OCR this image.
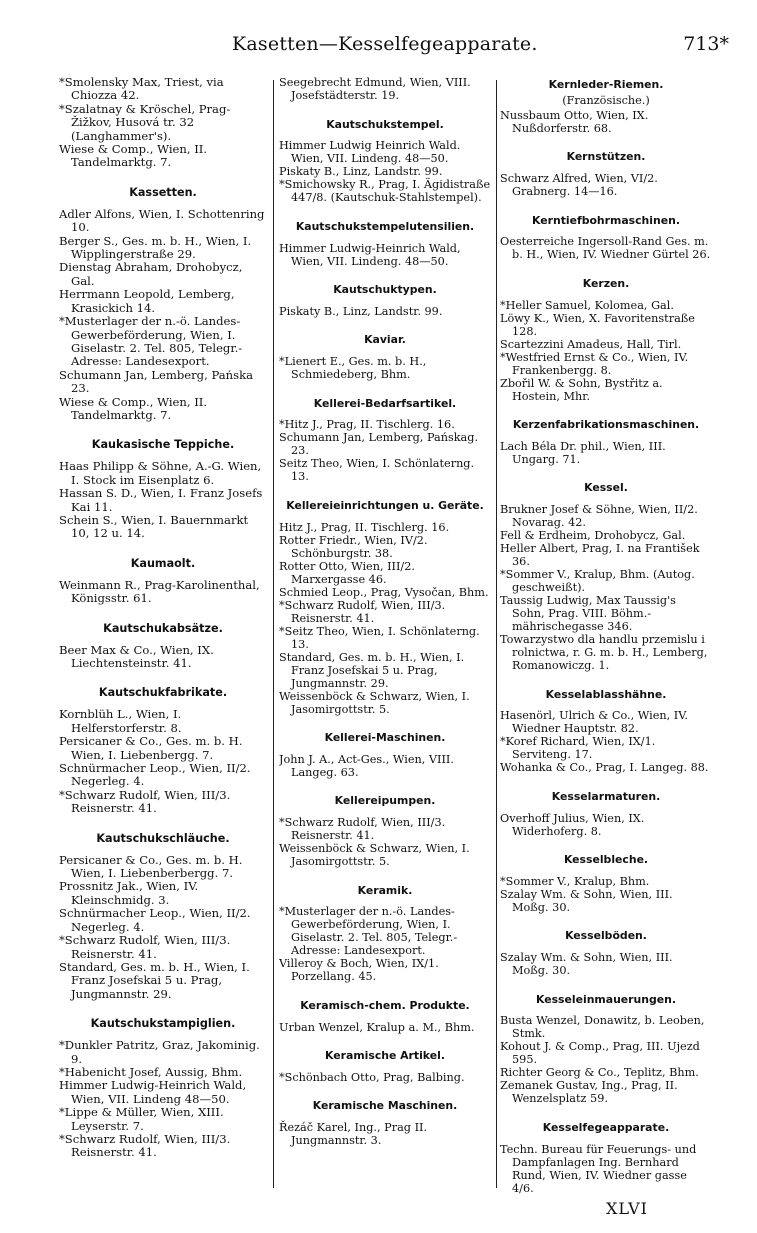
Kasetten—Kesselfegeapparate.	713*

*Smolensky Max, Triest, via Chiozza 42.

*Szalatnay & Kröschel, Prag-Žižkov, Husová tr. 32 (Langhammer's).

Wiese & Comp., Wien, II. Tandelmarktg. 7.

Kassetten.

Adler Alfons, Wien, I. Schottenring 10.

Berger S., Ges. m. b. H., Wien, I. Wipplingerstraße 29.

Dienstag Abraham, Drohobycz, Gal.

Herrmann Leopold, Lemberg, Krasickich 14.

*Musterlager der n.-ö. Landes-Gewerbeförderung, Wien, I. Giselastr. 2. Tel. 805, Telegr.-Adresse: Landesexport.

Schumann Jan, Lemberg, Pańska 23.

Wiese & Comp., Wien, II. Tandelmarktg. 7.

Kaukasische Teppiche.

Haas Philipp & Söhne, A.-G. Wien, I. Stock im Eisenplatz 6.

Hassan S. D., Wien, I. Franz Josefs Kai 11.

Schein S., Wien, I. Bauernmarkt 10, 12 u. 14.

Kaumaolt.

Weinmann R., Prag-Karolinenthal, Königsstr. 61.

Kautschukabsätze.

Beer Max & Co., Wien, IX. Liechtensteinstr. 41.

Kautschukfabrikate.

Kornblüh L., Wien, I. Helferstorferstr. 8.

Persicaner & Co., Ges. m. b. H. Wien, I. Liebenbergg. 7.

Schnürmacher Leop., Wien, II/2. Negerleg. 4.

*Schwarz Rudolf, Wien, III/3. Reisnerstr. 41.

Kautschukschläuche.

Persicaner & Co., Ges. m. b. H. Wien, I. Liebenberbergg. 7.

Prossnitz Jak., Wien, IV. Kleinschmidg. 3.

Schnürmacher Leop., Wien, II/2. Negerleg. 4.

*Schwarz Rudolf, Wien, III/3. Reisnerstr. 41.

Standard, Ges. m. b. H., Wien, I. Franz Josefskai 5 u. Prag, Jungmannstr. 29.

Kautschukstampiglien.

*Dunkler Patritz, Graz, Jakominig. 9.

*Habenicht Josef, Aussig, Bhm.

Himmer Ludwig-Heinrich Wald, Wien, VII. Lindeng 48—50.

*Lippe & Müller, Wien, XIII. Leyserstr. 7.

*Schwarz Rudolf, Wien, III/3. Reisnerstr. 41.

Seegebrecht Edmund, Wien, VIII. Josefstädterstr. 19.

Kautschukstempel.

Himmer Ludwig Heinrich Wald. Wien, VII. Lindeng. 48—50.

Piskaty B., Linz, Landstr. 99.

*Smichowsky R., Prag, I. Ägidistraße 447/8. (Kautschuk-Stahlstempel).

Kautschukstempelutensilien.

Himmer Ludwig-Heinrich Wald, Wien, VII. Lindeng. 48—50.

Kautschuktypen.

Piskaty B., Linz, Landstr. 99.

Kaviar.

*Lienert E., Ges. m. b. H., Schmiedeberg, Bhm.

Kellerei-Bedarfsartikel.

*Hitz J., Prag, II. Tischlerg. 16.

Schumann Jan, Lemberg, Pańskag. 23.

Seitz Theo, Wien, I. Schönlaterng. 13.

Kellereieinrichtungen u. Geräte.

Hitz J., Prag, II. Tischlerg. 16.

Rotter Friedr., Wien, IV/2. Schönburgstr. 38.

Rotter Otto, Wien, III/2. Marxergasse 46.

Schmied Leop., Prag, Vysočan, Bhm.

*Schwarz Rudolf, Wien, III/3. Reisnerstr. 41.

*Seitz Theo, Wien, I. Schönlaterng. 13.

Standard, Ges. m. b. H., Wien, I. Franz Josefskai 5 u. Prag, Jungmannstr. 29.

Weissenböck & Schwarz, Wien, I. Jasomirgottstr. 5.

Kellerei-Maschinen.

John J. A., Act-Ges., Wien, VIII. Langeg. 63.

Kellereipumpen.

*Schwarz Rudolf, Wien, III/3. Reisnerstr. 41.

Weissenböck & Schwarz, Wien, I. Jasomirgottstr. 5.

Keramik.

*Musterlager der n.-ö. Landes-Gewerbeförderung, Wien, I. Giselastr. 2. Tel. 805, Telegr.-Adresse: Landesexport.

Villeroy & Boch, Wien, IX/1. Porzellang. 45.

Keramisch-chem. Produkte.

Urban Wenzel, Kralup a. M., Bhm.

Keramische Artikel.

*Schönbach Otto, Prag, Balbing.

Keramische Maschinen.

Řezáč Karel, Ing., Prag II. Jungmannstr. 3.

Kernleder-Riemen.
(Französische.)

Nussbaum Otto, Wien, IX. Nußdorferstr. 68.

Kernstützen.

Schwarz Alfred, Wien, VI/2. Grabnerg. 14—16.

Kerntiefbohrmaschinen.

Oesterreiche Ingersoll-Rand Ges. m. b. H., Wien, IV. Wiedner Gürtel 26.

Kerzen.

*Heller Samuel, Kolomea, Gal.

Löwy K., Wien, X. Favoritenstraße 128.

Scartezzini Amadeus, Hall, Tirl.

*Westfried Ernst & Co., Wien, IV. Frankenbergg. 8.

Zbořil W. & Sohn, Bystřitz a. Hostein, Mhr.

Kerzenfabrikationsmaschinen.

Lach Béla Dr. phil., Wien, III. Ungarg. 71.

Kessel.

Brukner Josef & Söhne, Wien, II/2. Novarag. 42.

Fell & Erdheim, Drohobycz, Gal.

Heller Albert, Prag, I. na František 36.

*Sommer V., Kralup, Bhm. (Autog. geschweißt).

Taussig Ludwig, Max Taussig's Sohn, Prag. VIII. Böhm.-mährischegasse 346.

Towarzystwo dla handlu przemislu i rolnictwa, r. G. m. b. H., Lemberg, Romanowiczg. 1.

Kesselablasshähne.

Hasenörl, Ulrich & Co., Wien, IV. Wiedner Hauptstr. 82.

*Koref Richard, Wien, IX/1. Serviteng. 17.

Wohanka & Co., Prag, I. Langeg. 88.

Kesselarmaturen.

Overhoff Julius, Wien, IX. Widerhoferg. 8.

Kesselbleche.

*Sommer V., Kralup, Bhm.

Szalay Wm. & Sohn, Wien, III. Moßg. 30.

Kesselböden.

Szalay Wm. & Sohn, Wien, III. Moßg. 30.

Kesseleinmauerungen.

Busta Wenzel, Donawitz, b. Leoben, Stmk.

Kohout J. & Comp., Prag, III. Ujezd 595.

Richter Georg & Co., Teplitz, Bhm.

Zemanek Gustav, Ing., Prag, II. Wenzelsplatz 59.

Kesselfegeapparate.

Techn. Bureau für Feuerungs- und Dampfanlagen Ing. Bernhard Rund, Wien, IV. Wiedner gasse 4/6.

XLVI
